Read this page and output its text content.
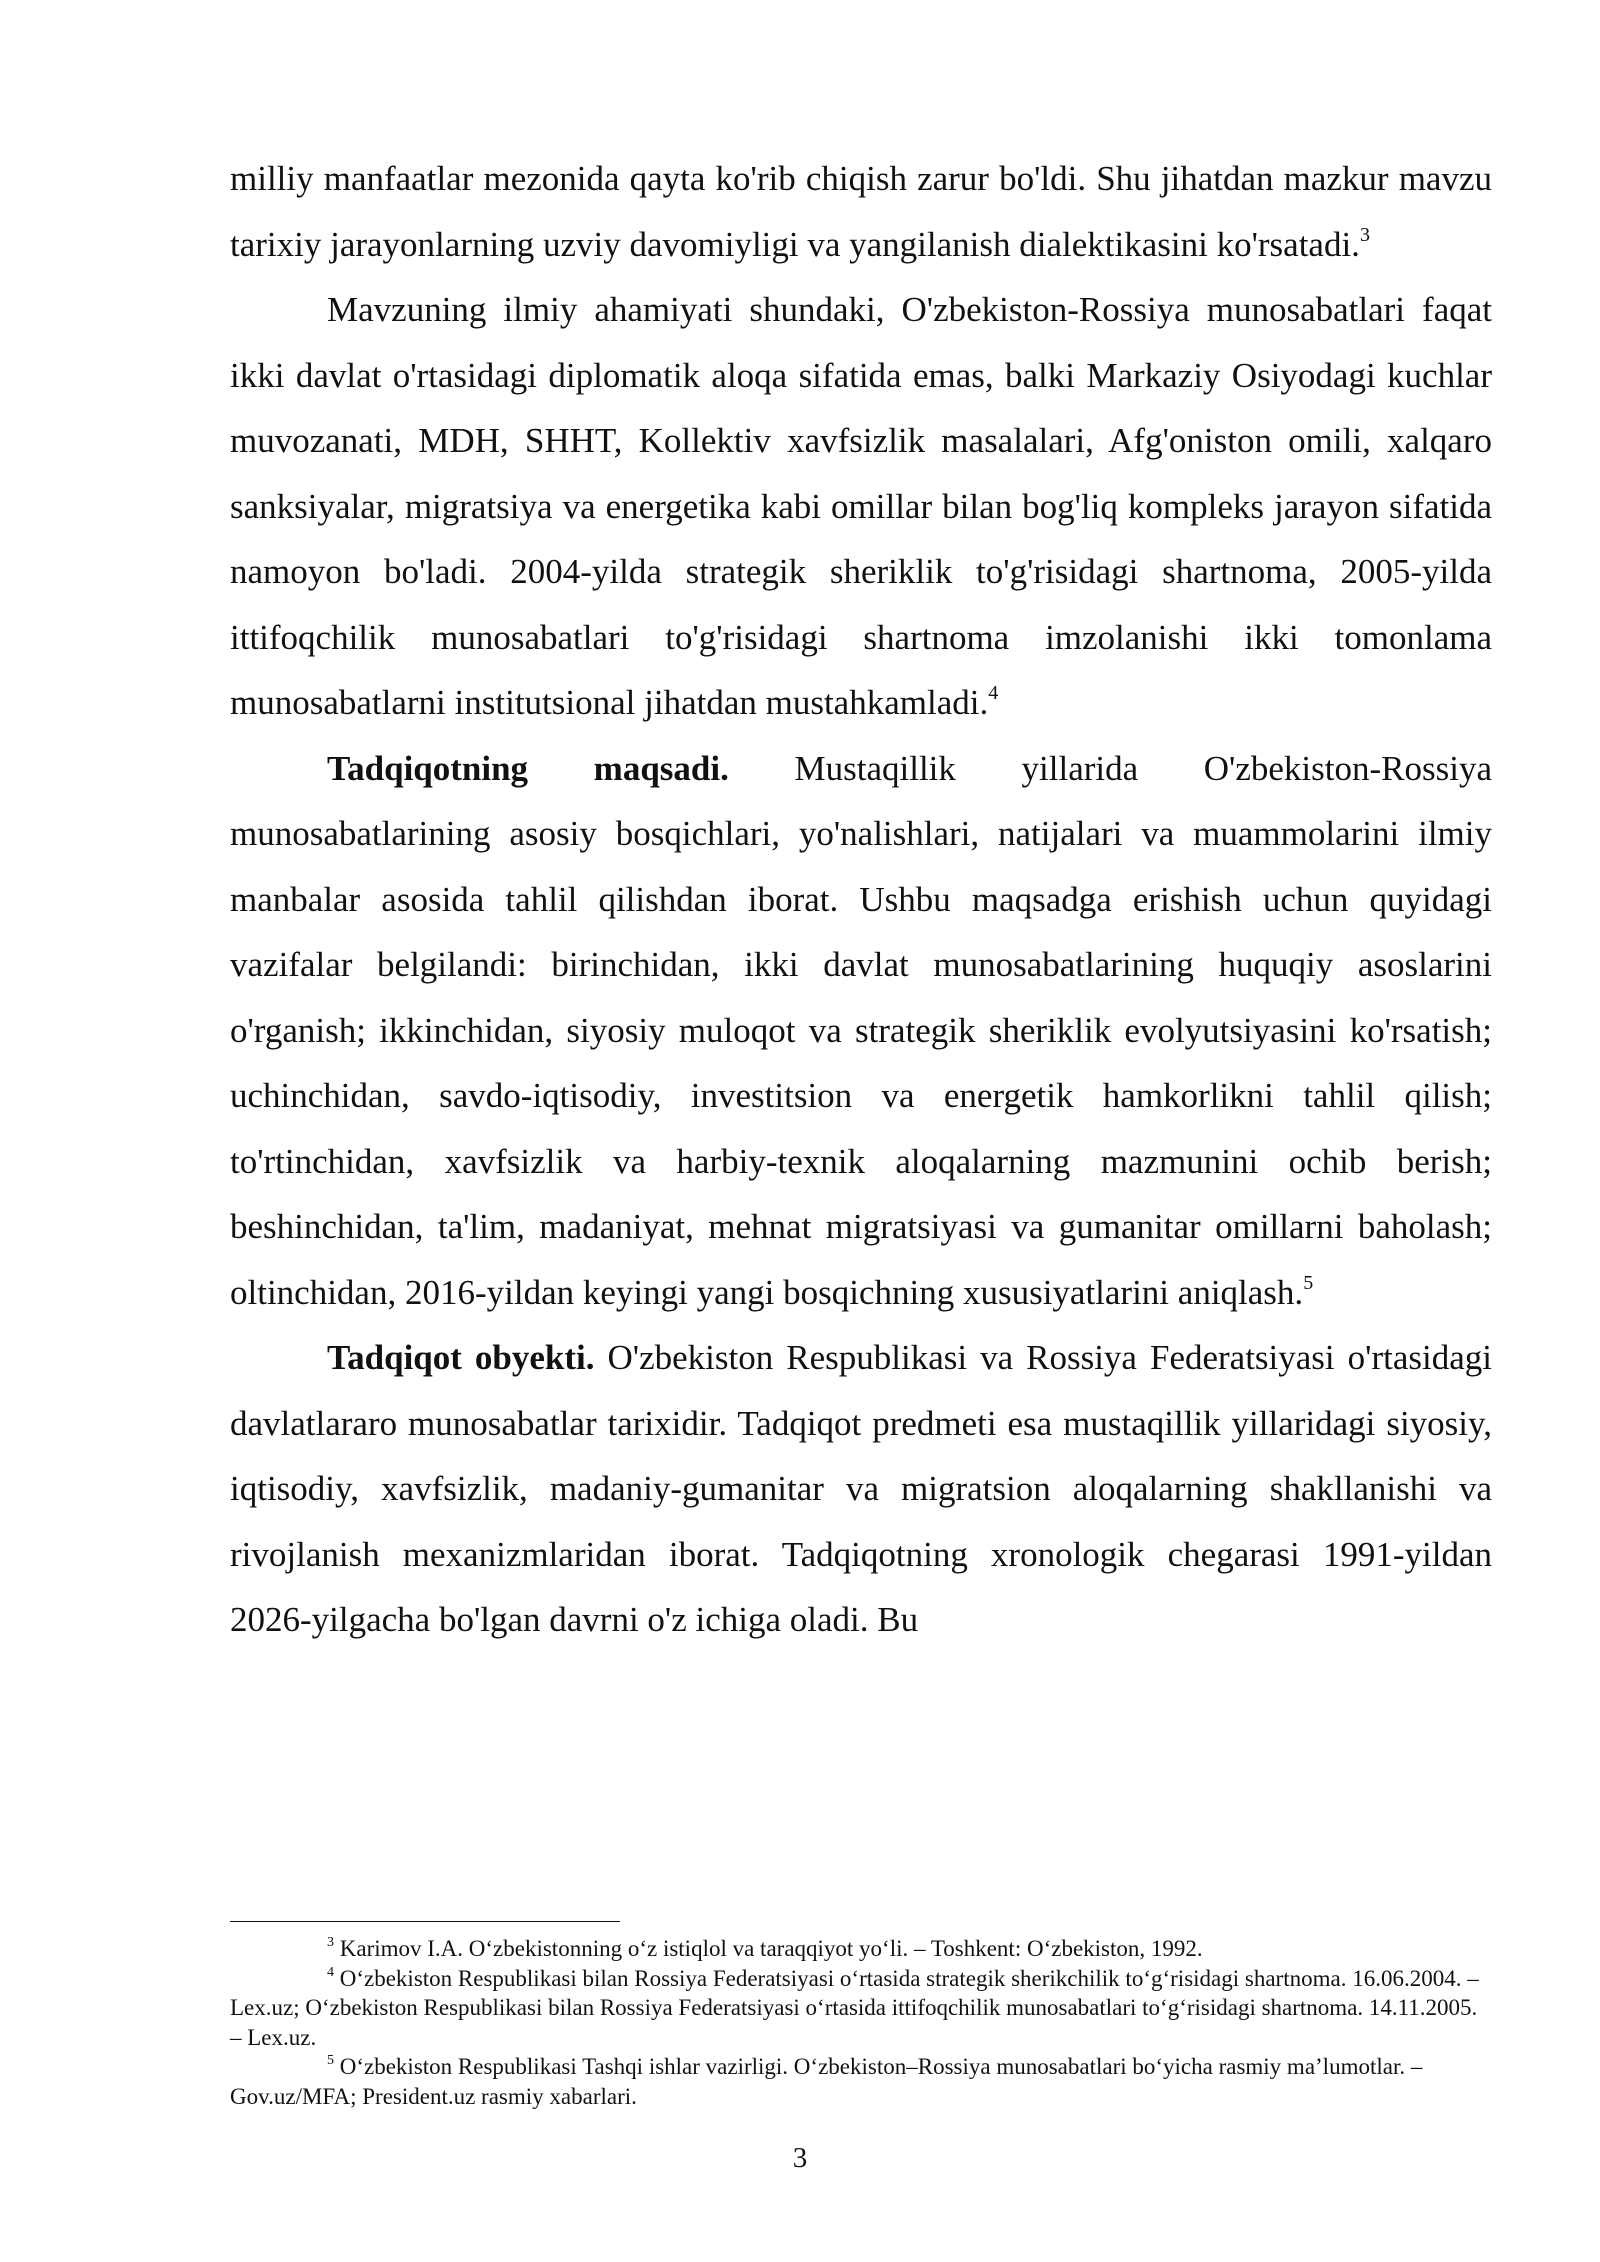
milliy manfaatlar mezonida qayta ko'rib chiqish zarur bo'ldi. Shu jihatdan mazkur mavzu tarixiy jarayonlarning uzviy davomiyligi va yangilanish dialektikasini ko'rsatadi.$^3$

Mavzuning ilmiy ahamiyati shundaki, O'zbekiston-Rossiya munosabatlari faqat ikki davlat o'rtasidagi diplomatik aloqa sifatida emas, balki Markaziy Osiyodagi kuchlar muvozanati, MDH, SHHT, Kollektiv xavfsizlik masalalari, Afg'oniston omili, xalqaro sanksiyalar, migratsiya va energetika kabi omillar bilan bog'liq kompleks jarayon sifatida namoyon bo'ladi. 2004-yilda strategik sheriklik to'g'risidagi shartnoma, 2005-yilda ittifoqchilik munosabatlari to'g'risidagi shartnoma imzolanishi ikki tomonlama munosabatlarni institutsional jihatdan mustahkamladi.$^4$

Tadqiqotning maqsadi. Mustaqillik yillarida O'zbekiston-Rossiya munosabatlarining asosiy bosqichlari, yo'nalishlari, natijalari va muammolarini ilmiy manbalar asosida tahlil qilishdan iborat. Ushbu maqsadga erishish uchun quyidagi vazifalar belgilandi: birinchidan, ikki davlat munosabatlarining huquqiy asoslarini o'rganish; ikkinchidan, siyosiy muloqot va strategik sheriklik evolyutsiyasini ko'rsatish; uchinchidan, savdo-iqtisodiy, investitsion va energetik hamkorlikni tahlil qilish; to'rtinchidan, xavfsizlik va harbiy-texnik aloqalarning mazmunini ochib berish; beshinchidan, ta'lim, madaniyat, mehnat migratsiyasi va gumanitar omillarni baholash; oltinchidan, 2016-yildan keyingi yangi bosqichning xususiyatlarini aniqlash.$^5$

Tadqiqot obyekti. O'zbekiston Respublikasi va Rossiya Federatsiyasi o'rtasidagi davlatlararo munosabatlar tarixidir. Tadqiqot predmeti esa mustaqillik yillaridagi siyosiy, iqtisodiy, xavfsizlik, madaniy-gumanitar va migratsion aloqalarning shakllanishi va rivojlanish mexanizmlaridan iborat. Tadqiqotning xronologik chegarasi 1991-yildan 2026-yilgacha bo'lgan davrni o'z ichiga oladi. Bu

$^3$ Karimov I.A. O‘zbekistonning o‘z istiqlol va taraqqiyot yo‘li. – Toshkent: O‘zbekiston, 1992.

$^4$ O‘zbekiston Respublikasi bilan Rossiya Federatsiyasi o‘rtasida strategik sherikchilik to‘g‘risidagi shartnoma. 16.06.2004. – Lex.uz; O‘zbekiston Respublikasi bilan Rossiya Federatsiyasi o‘rtasida ittifoqchilik munosabatlari to‘g‘risidagi shartnoma. 14.11.2005. – Lex.uz.

$^5$ O‘zbekiston Respublikasi Tashqi ishlar vazirligi. O‘zbekiston–Rossiya munosabatlari bo‘yicha rasmiy ma’lumotlar. – Gov.uz/MFA; President.uz rasmiy xabarlari.

3
